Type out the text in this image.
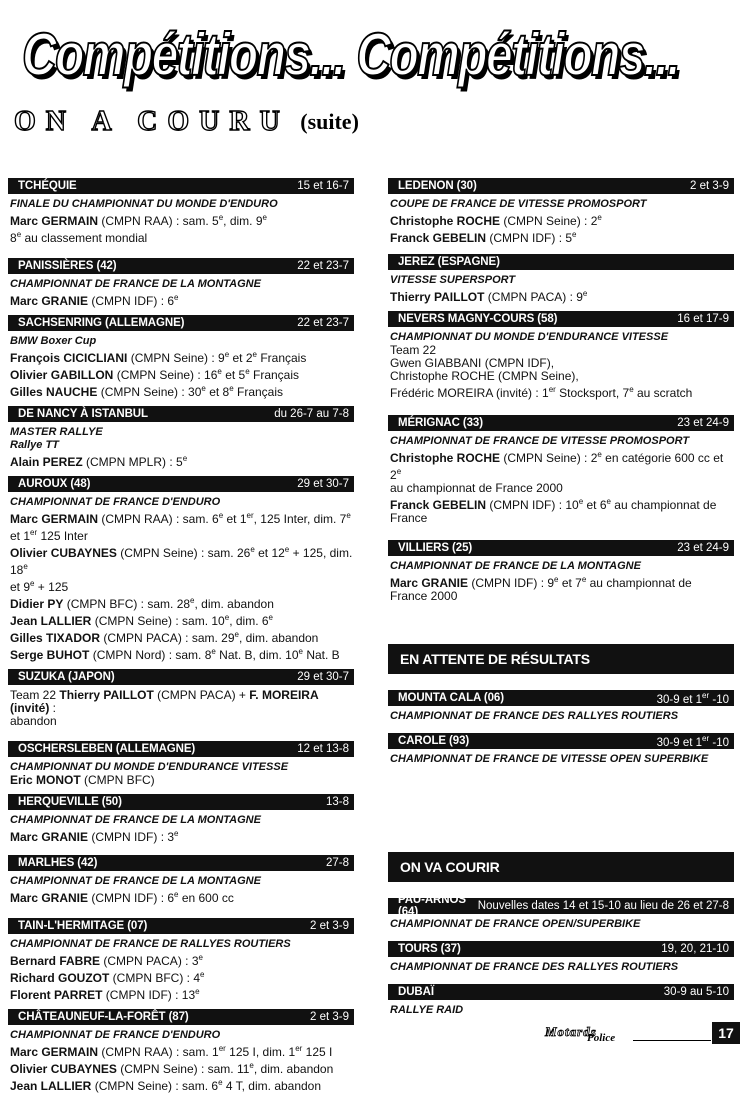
Compétitions... Compétitions...
ON A COURU (suite)
TCHÉQUIE	15 et 16-7
FINALE DU CHAMPIONNAT DU MONDE D'ENDURO
Marc GERMAIN (CMPN RAA) : sam. 5e, dim. 9e
8e au classement mondial
PANISSIÈRES (42)	22 et 23-7
CHAMPIONNAT DE FRANCE DE LA MONTAGNE
Marc GRANIE (CMPN IDF) : 6e
SACHSENRING (ALLEMAGNE)	22 et 23-7
BMW Boxer Cup
François CICICLIANI (CMPN Seine) : 9e et 2e Français
Olivier GABILLON (CMPN Seine) : 16e et 5e Français
Gilles NAUCHE (CMPN Seine) : 30e et 8e Français
DE NANCY À ISTANBUL	du 26-7 au 7-8
MASTER RALLYE
Rallye TT
Alain PEREZ (CMPN MPLR) : 5e
AUROUX (48)	29 et 30-7
CHAMPIONNAT DE FRANCE D'ENDURO
Marc GERMAIN (CMPN RAA) : sam. 6e et 1er, 125 Inter, dim. 7e
et 1er 125 Inter
Olivier CUBAYNES (CMPN Seine) : sam. 26e et $12^e + 125$, dim. 18e
et $9^e + 125$
Didier PY (CMPN BFC) : sam. 28e, dim. abandon
Jean LALLIER (CMPN Seine) : sam. 10e, dim. 6e
Gilles TIXADOR (CMPN PACA) : sam. 29e, dim. abandon
Serge BUHOT (CMPN Nord) : sam. 8e Nat. B, dim. 10e Nat. B
SUZUKA (JAPON)	29 et 30-7
Team 22 Thierry PAILLOT (CMPN PACA) + F. MOREIRA (invité) :
abandon
OSCHERSLEBEN (ALLEMAGNE)	12 et 13-8
CHAMPIONNAT DU MONDE D'ENDURANCE VITESSE
Eric MONOT (CMPN BFC)
HERQUEVILLE (50)	13-8
CHAMPIONNAT DE FRANCE DE LA MONTAGNE
Marc GRANIE (CMPN IDF) : 3e
MARLHES (42)	27-8
CHAMPIONNAT DE FRANCE DE LA MONTAGNE
Marc GRANIE (CMPN IDF) : 6e en 600 cc
TAIN-L'HERMITAGE (07)	2 et 3-9
CHAMPIONNAT DE FRANCE DE RALLYES ROUTIERS
Bernard FABRE (CMPN PACA) : 3e
Richard GOUZOT (CMPN BFC) : 4e
Florent PARRET (CMPN IDF) : 13e
CHÂTEAUNEUF-LA-FORÊT (87)	2 et 3-9
CHAMPIONNAT DE FRANCE D'ENDURO
Marc GERMAIN (CMPN RAA) : sam. 1er 125 I, dim. 1er 125 I
Olivier CUBAYNES (CMPN Seine) : sam. 11e, dim. abandon
Jean LALLIER (CMPN Seine) : sam. 6e 4 T, dim. abandon
LEDENON (30)	2 et 3-9
COUPE DE FRANCE DE VITESSE PROMOSPORT
Christophe ROCHE (CMPN Seine) : 2e
Franck GEBELIN (CMPN IDF) : 5e
JEREZ (ESPAGNE)
VITESSE SUPERSPORT
Thierry PAILLOT (CMPN PACA) : 9e
NEVERS MAGNY-COURS (58)	16 et 17-9
CHAMPIONNAT DU MONDE D'ENDURANCE VITESSE
Team 22
Gwen GIABBANI (CMPN IDF),
Christophe ROCHE (CMPN Seine),
Frédéric MOREIRA (invité) : 1er Stocksport, 7e au scratch
MÉRIGNAC (33)	23 et 24-9
CHAMPIONNAT DE FRANCE DE VITESSE PROMOSPORT
Christophe ROCHE (CMPN Seine) : 2e en catégorie 600 cc et 2e
au championnat de France 2000
Franck GEBELIN (CMPN IDF) : 10e et 6e au championnat de
France
VILLIERS (25)	23 et 24-9
CHAMPIONNAT DE FRANCE DE LA MONTAGNE
Marc GRANIE (CMPN IDF) : 9e et 7e au championnat de
France 2000
EN ATTENTE DE RÉSULTATS
MOUNTA CALA (06)	30-9 et 1er -10
CHAMPIONNAT DE FRANCE DES RALLYES ROUTIERS
CAROLE (93)	30-9 et 1er -10
CHAMPIONNAT DE FRANCE DE VITESSE OPEN SUPERBIKE
ON VA COURIR
PAU-ARNOS (64)	Nouvelles dates 14 et 15-10 au lieu de 26 et 27-8
CHAMPIONNAT DE FRANCE OPEN/SUPERBIKE
TOURS (37)	19, 20, 21-10
CHAMPIONNAT DE FRANCE DES RALLYES ROUTIERS
DUBAÏ	30-9 au 5-10
RALLYE RAID
Motards
Police	17
